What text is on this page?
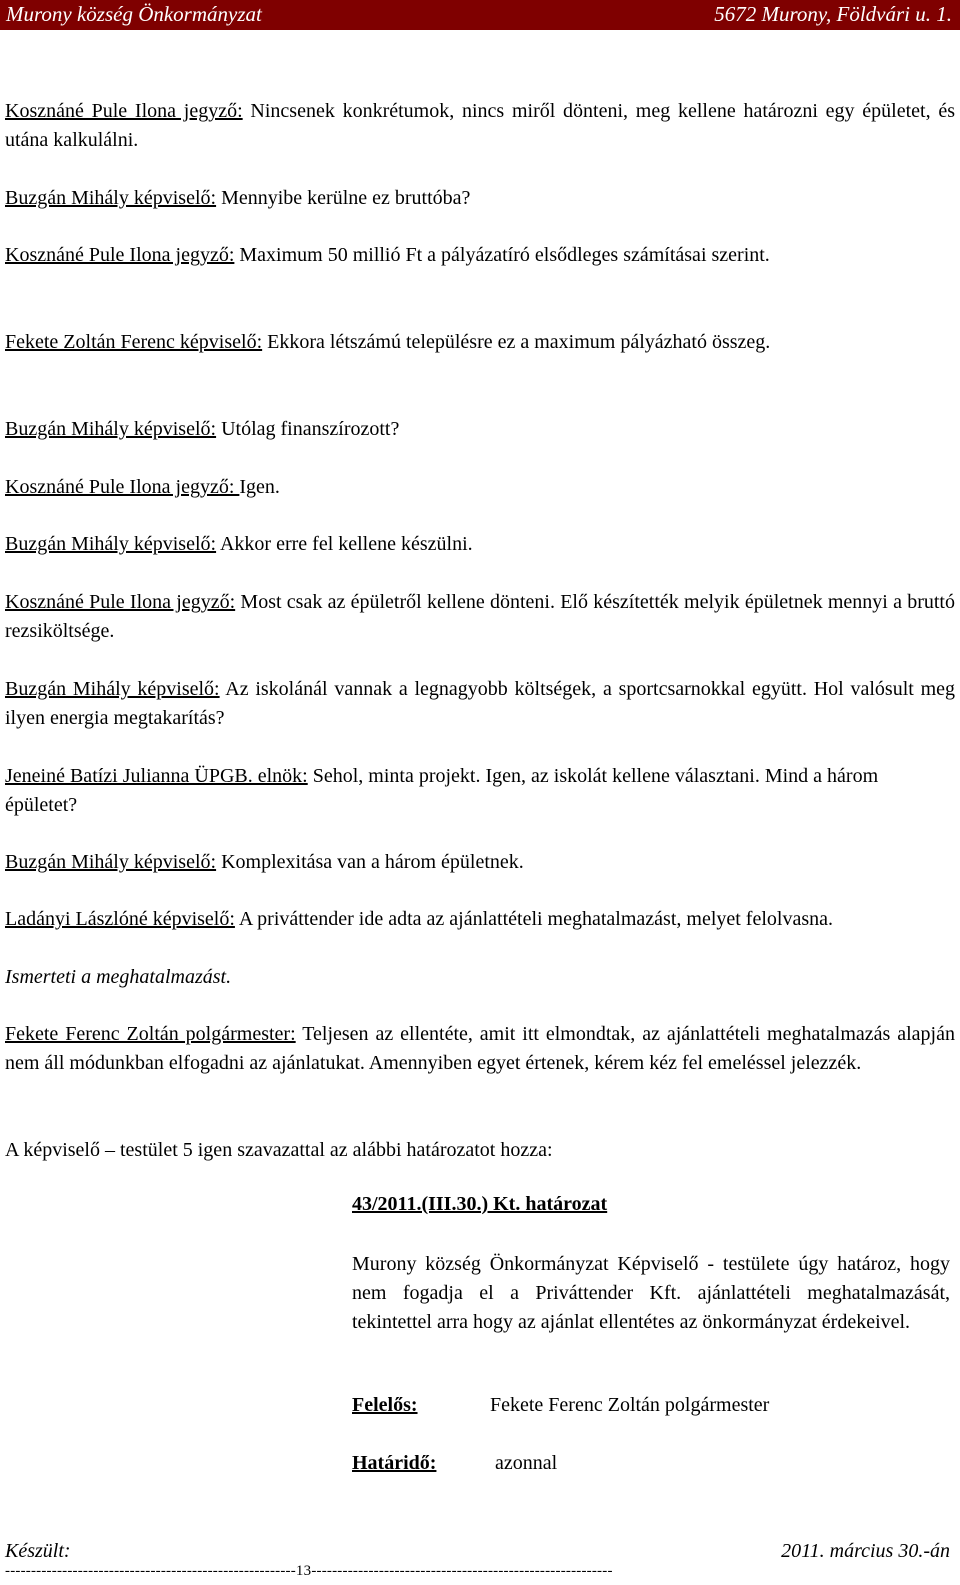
Murony község Önkormányzat	5672 Murony, Földvári u. 1.

Kosznáné Pule Ilona jegyző: Nincsenek konkrétumok, nincs miről dönteni, meg kellene határozni egy épületet, és utána kalkulálni.

Buzgán Mihály képviselő: Mennyibe kerülne ez bruttóba?

Kosznáné Pule Ilona jegyző: Maximum 50 millió Ft a pályázatíró elsődleges számításai szerint.

Fekete Zoltán Ferenc képviselő: Ekkora létszámú településre ez a maximum pályázható összeg.

Buzgán Mihály képviselő: Utólag finanszírozott?

Kosznáné Pule Ilona jegyző: Igen.

Buzgán Mihály képviselő: Akkor erre fel kellene készülni.

Kosznáné Pule Ilona jegyző: Most csak az épületről kellene dönteni. Elő készítették melyik épületnek mennyi a bruttó rezsiköltsége.

Buzgán Mihály képviselő: Az iskolánál vannak a legnagyobb költségek, a sportcsarnokkal együtt. Hol valósult meg ilyen energia megtakarítás?

Jeneiné Batízi Julianna ÜPGB. elnök: Sehol, minta projekt. Igen, az iskolát kellene választani. Mind a három épületet?

Buzgán Mihály képviselő: Komplexitása van a három épületnek.

Ladányi Lászlóné képviselő: A priváttender ide adta az ajánlattételi meghatalmazást, melyet felolvasna.

Ismerteti a meghatalmazást.

Fekete Ferenc Zoltán polgármester: Teljesen az ellentéte, amit itt elmondtak, az ajánlattételi meghatalmazás alapján nem áll módunkban elfogadni az ajánlatukat. Amennyiben egyet értenek, kérem kéz fel emeléssel jelezzék.

A képviselő – testület 5 igen szavazattal az alábbi határozatot hozza:

43/2011.(III.30.) Kt. határozat

Murony község Önkormányzat Képviselő - testülete úgy határoz, hogy nem fogadja el a Priváttender Kft. ajánlattételi meghatalmazását, tekintettel arra hogy az ajánlat ellentétes az önkormányzat érdekeivel.

Felelős:	Fekete Ferenc Zoltán polgármester
Határidő:	azonnal
Készült:	2011. március 30.-án
--------------------------------------------------------13----------------------------------------------------------
